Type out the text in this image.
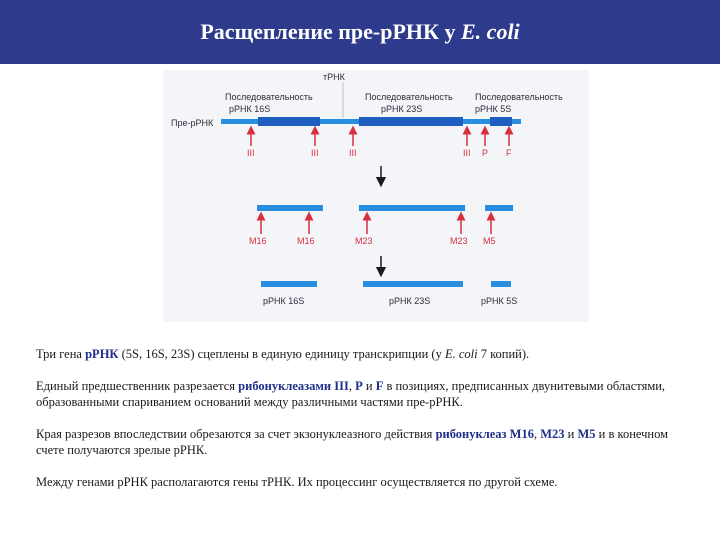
Расщепление пре-рРНК у E. coli
тРНК
Последовательность
рРНК 16S
Последовательность
рРНК 23S
Последовательность
рРНК 5S
Пре-рРНК
III	III	III	III P F
M16	M16	M23	M23 M5
рРНК 16S	рРНК 23S	рРНК 5S

Три гена рРНК (5S, 16S, 23S) сцеплены в единую единицу транскрипции (у E. coli 7 копий).

Единый предшественник разрезается рибонуклеазами III, P и F в позициях, предписанных двунитевыми областями, образованными спариванием оснований между различными частями пре-рРНК.

Края разрезов впоследствии обрезаются за счет экзонуклеазного действия рибонуклеаз М16, М23 и М5 и в конечном счете получаются зрелые рРНК.

Между генами рРНК располагаются гены тРНК. Их процессинг осуществляется по другой схеме.
